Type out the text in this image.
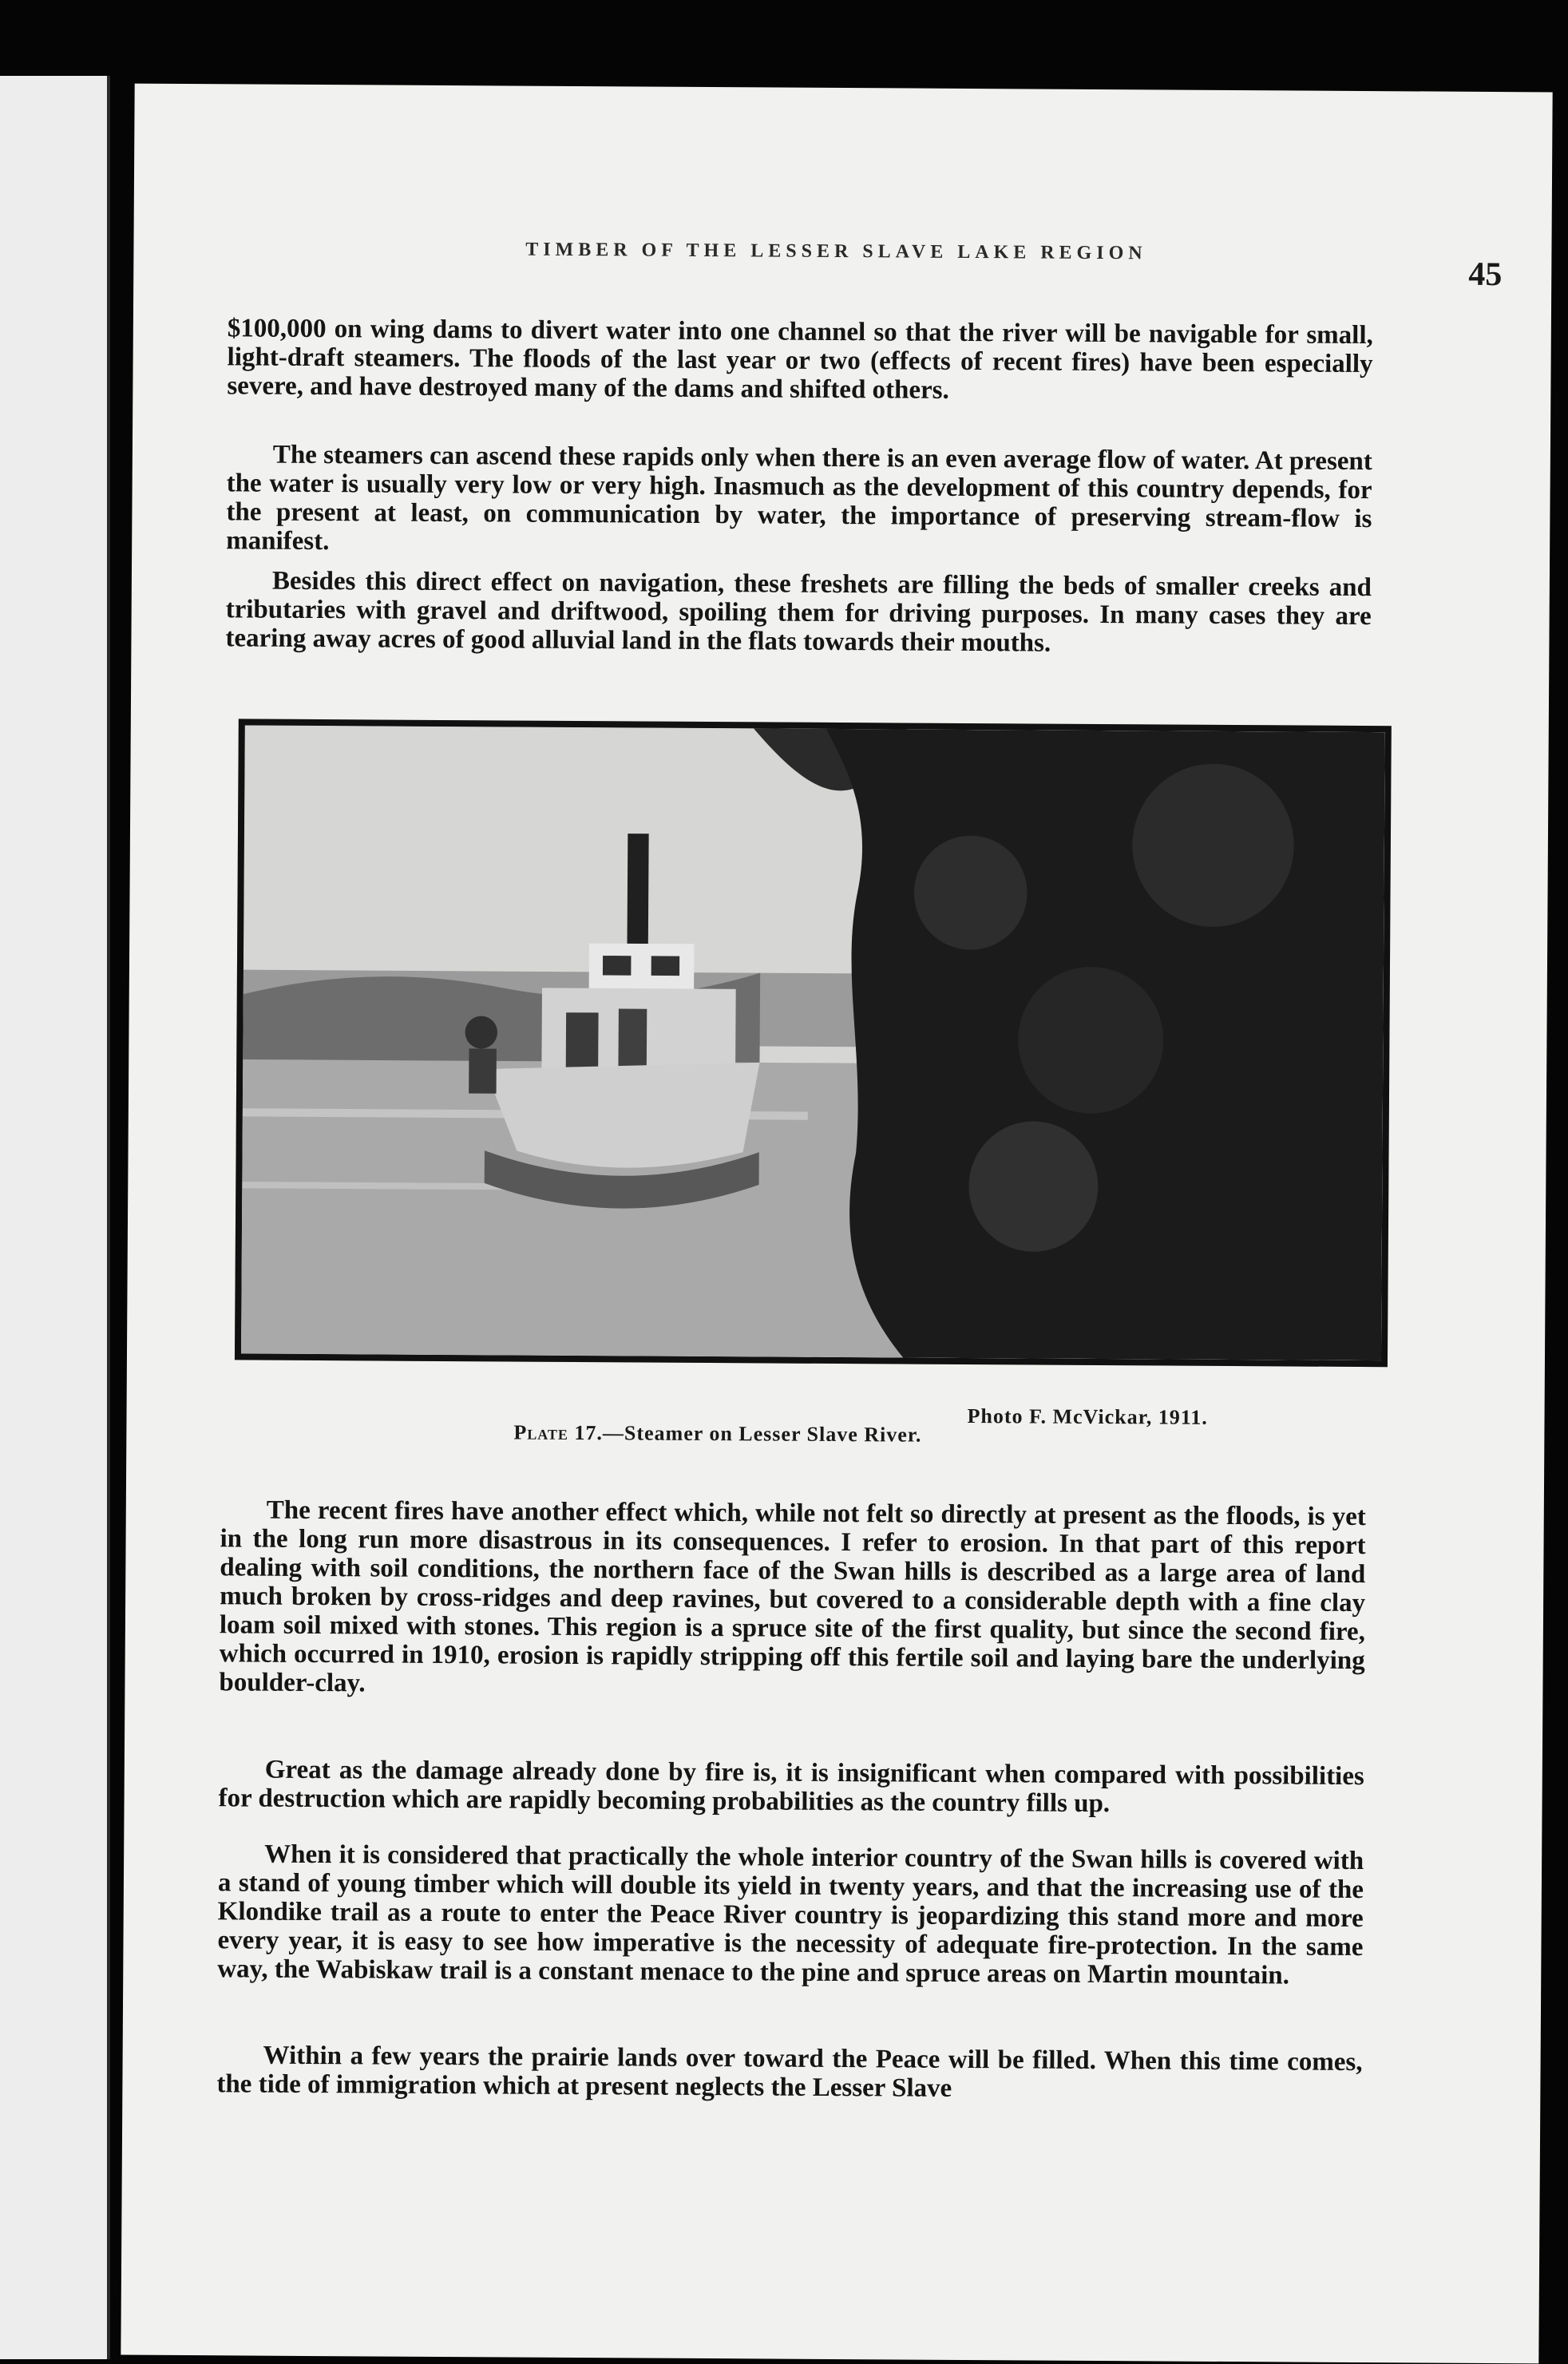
TIMBER OF THE LESSER SLAVE LAKE REGION
45

$100,000 on wing dams to divert water into one channel so that the river will be navigable for small, light-draft steamers. The floods of the last year or two (effects of recent fires) have been especially severe, and have destroyed many of the dams and shifted others.

The steamers can ascend these rapids only when there is an even average flow of water. At present the water is usually very low or very high. Inasmuch as the development of this country depends, for the present at least, on communication by water, the importance of preserving stream-flow is manifest.

Besides this direct effect on navigation, these freshets are filling the beds of smaller creeks and tributaries with gravel and driftwood, spoiling them for driving purposes. In many cases they are tearing away acres of good alluvial land in the flats towards their mouths.

Photo F. McVickar, 1911.
Plate 17.—Steamer on Lesser Slave River.

The recent fires have another effect which, while not felt so directly at present as the floods, is yet in the long run more disastrous in its consequences. I refer to erosion. In that part of this report dealing with soil conditions, the northern face of the Swan hills is described as a large area of land much broken by cross-ridges and deep ravines, but covered to a considerable depth with a fine clay loam soil mixed with stones. This region is a spruce site of the first quality, but since the second fire, which occurred in 1910, erosion is rapidly stripping off this fertile soil and laying bare the underlying boulder-clay.

Great as the damage already done by fire is, it is insignificant when compared with possibilities for destruction which are rapidly becoming probabilities as the country fills up.

When it is considered that practically the whole interior country of the Swan hills is covered with a stand of young timber which will double its yield in twenty years, and that the increasing use of the Klondike trail as a route to enter the Peace River country is jeopardizing this stand more and more every year, it is easy to see how imperative is the necessity of adequate fire-protection. In the same way, the Wabiskaw trail is a constant menace to the pine and spruce areas on Martin mountain.

Within a few years the prairie lands over toward the Peace will be filled. When this time comes, the tide of immigration which at present neglects the Lesser Slave
